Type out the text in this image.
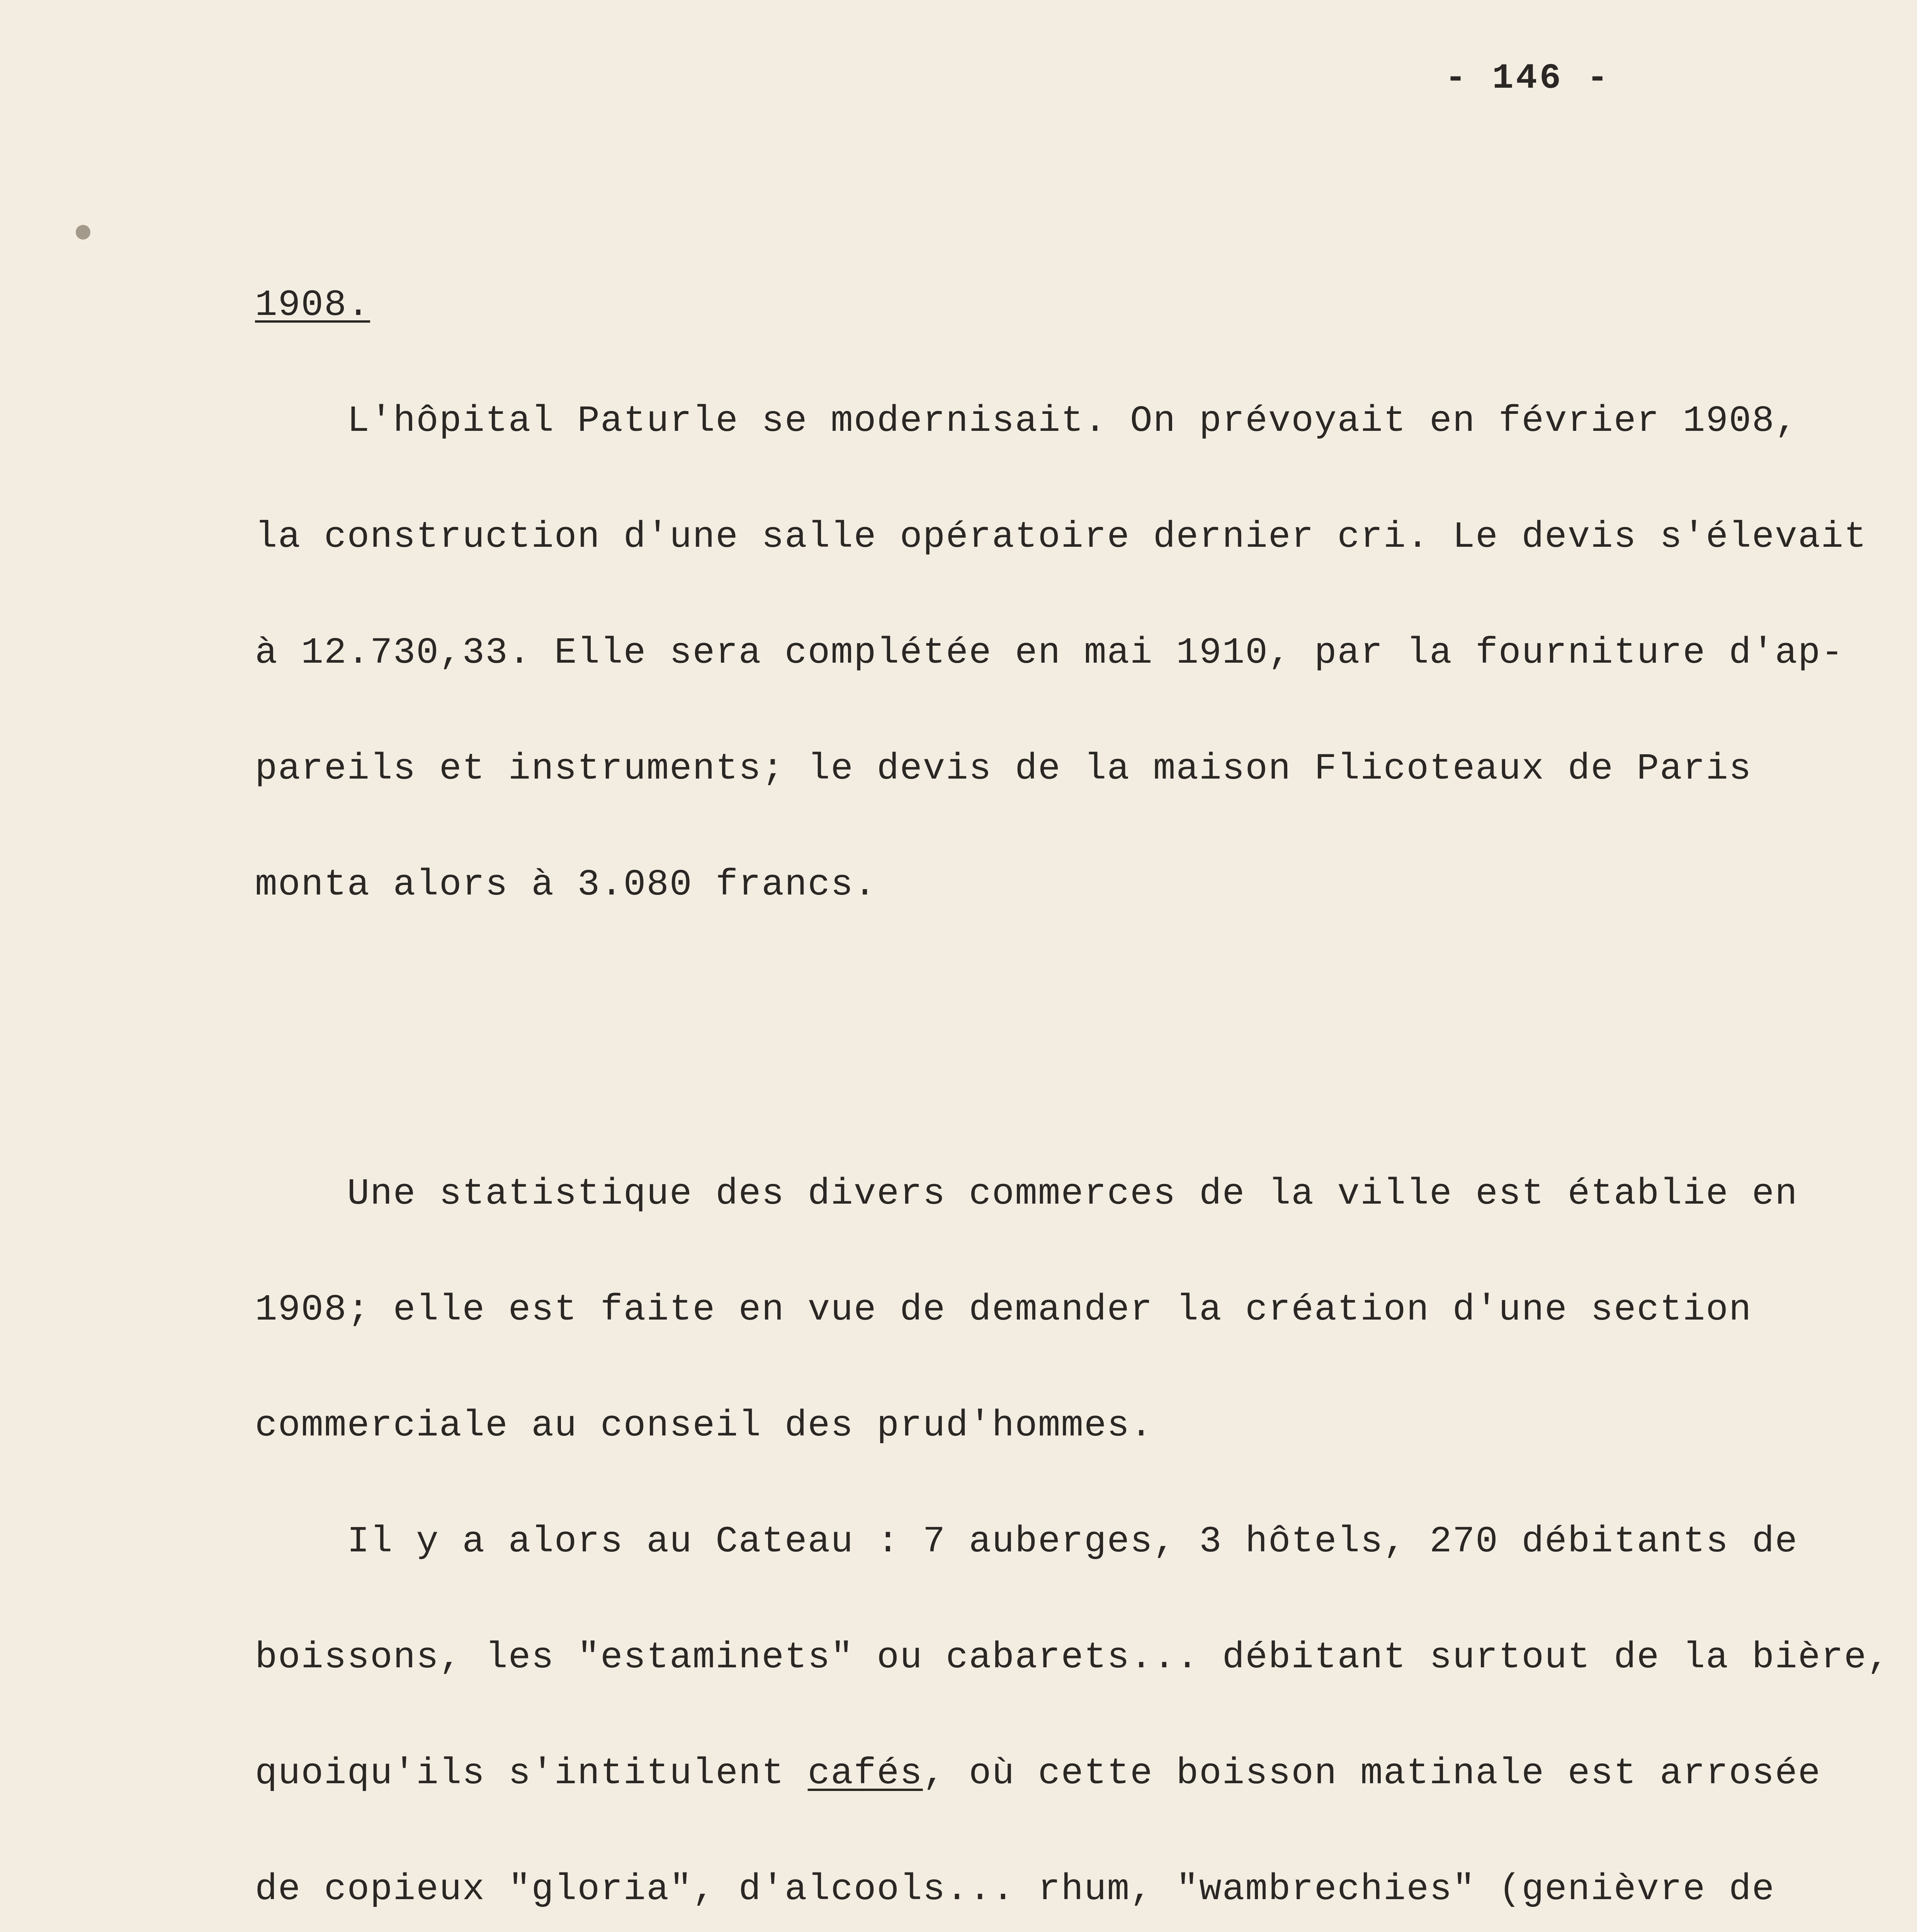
- 146 -

1908.

L'hôpital Paturle se modernisait. On prévoyait en février 1908,

la construction d'une salle opératoire dernier cri. Le devis s'élevait

à 12.730,33. Elle sera complétée en mai 1910, par la fourniture d'ap-

pareils et instruments; le devis de la maison Flicoteaux de Paris

monta alors à 3.080 francs.

Une statistique des divers commerces de la ville est établie en

1908; elle est faite en vue de demander la création d'une section

commerciale au conseil des prud'hommes.

Il y a alors au Cateau : 7 auberges, 3 hôtels, 270 débitants de

boissons, les "estaminets" ou cabarets... débitant surtout de la bière,

quoiqu'ils s'intitulent cafés, où cette boisson matinale est arrosée

de copieux "gloria", d'alcools... rhum, "wambrechies" (genièvre de
